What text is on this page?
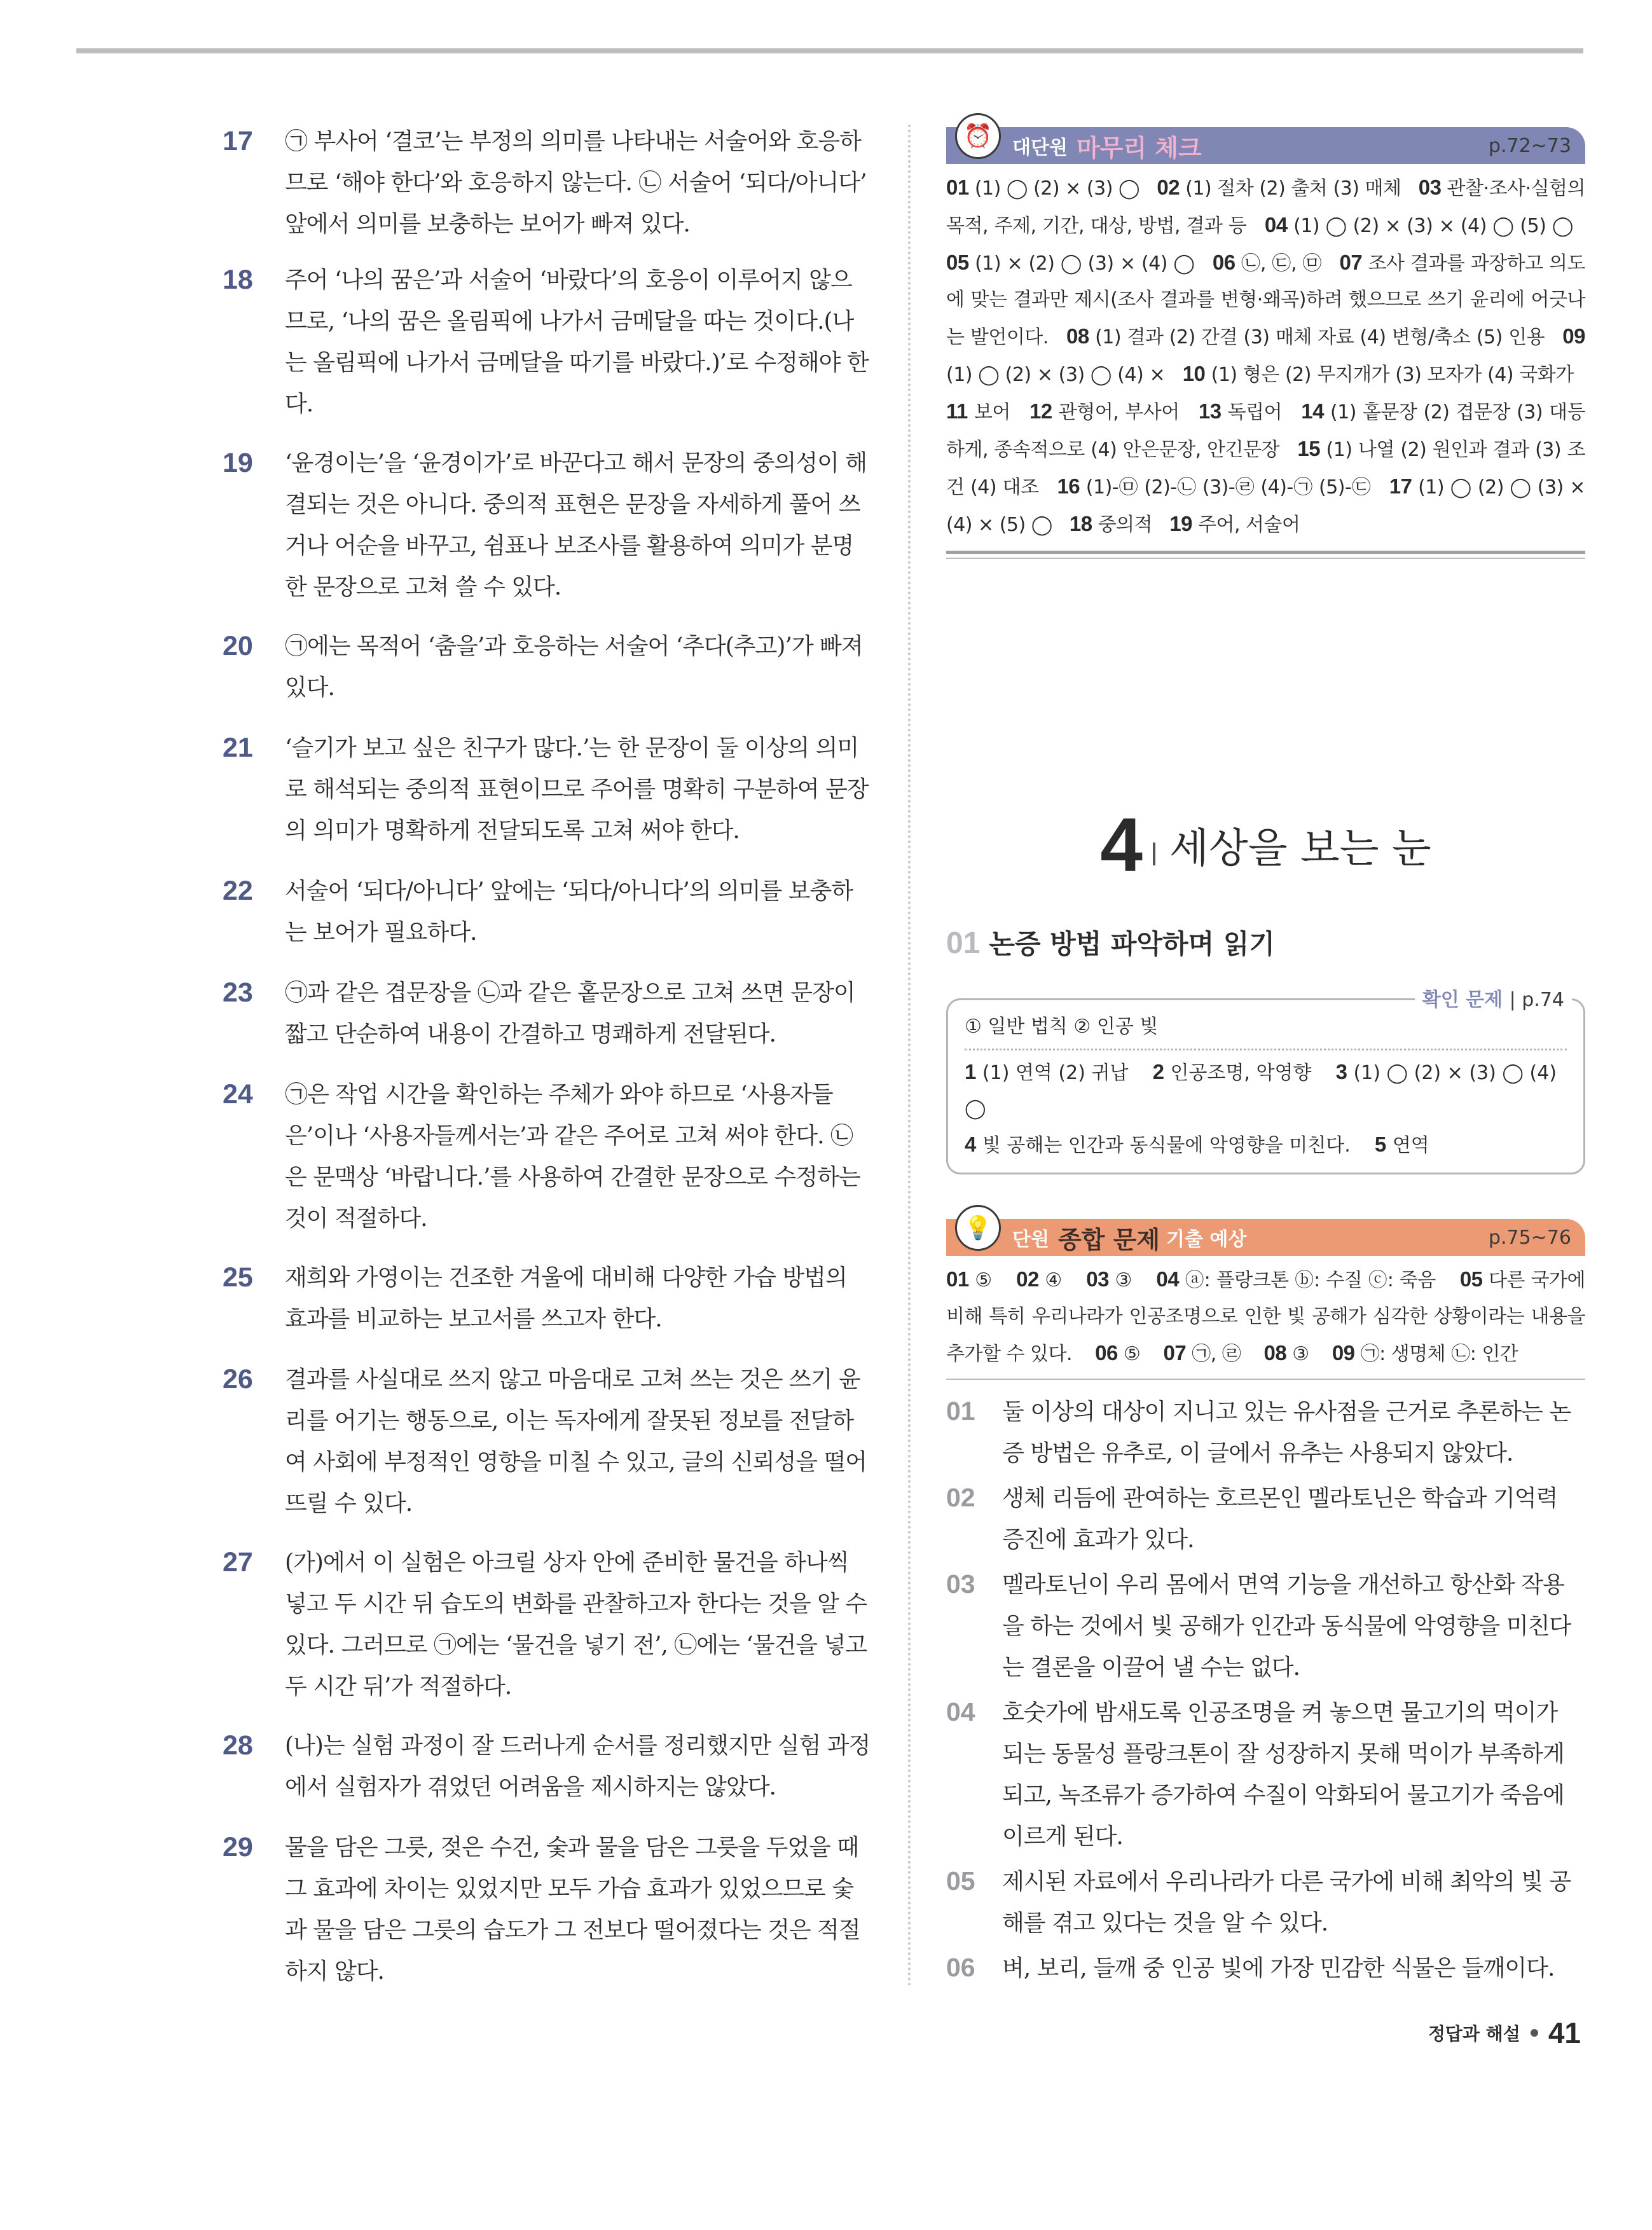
17 ㉠ 부사어 ‘결코’는 부정의 의미를 나타내는 서술어와 호응하므로 ‘해야 한다’와 호응하지 않는다. ㉡ 서술어 ‘되다/아니다’ 앞에서 의미를 보충하는 보어가 빠져 있다.
18 주어 ‘나의 꿈은’과 서술어 ‘바랐다’의 호응이 이루어지 않으므로, ‘나의 꿈은 올림픽에 나가서 금메달을 따는 것이다.(나는 올림픽에 나가서 금메달을 따기를 바랐다.)’로 수정해야 한다.
19 ‘윤경이는’을 ‘윤경이가’로 바꾼다고 해서 문장의 중의성이 해결되는 것은 아니다. 중의적 표현은 문장을 자세하게 풀어 쓰거나 어순을 바꾸고, 쉼표나 보조사를 활용하여 의미가 분명한 문장으로 고쳐 쓸 수 있다.
20 ㉠에는 목적어 ‘춤을’과 호응하는 서술어 ‘추다(추고)’가 빠져 있다.
21 ‘슬기가 보고 싶은 친구가 많다.’는 한 문장이 둘 이상의 의미로 해석되는 중의적 표현이므로 주어를 명확히 구분하여 문장의 의미가 명확하게 전달되도록 고쳐 써야 한다.
22 서술어 ‘되다/아니다’ 앞에는 ‘되다/아니다’의 의미를 보충하는 보어가 필요하다.
23 ㉠과 같은 겹문장을 ㉡과 같은 홑문장으로 고쳐 쓰면 문장이 짧고 단순하여 내용이 간결하고 명쾌하게 전달된다.
24 ㉠은 작업 시간을 확인하는 주체가 와야 하므로 ‘사용자들은’이나 ‘사용자들께서는’과 같은 주어로 고쳐 써야 한다. ㉡은 문맥상 ‘바랍니다.’를 사용하여 간결한 문장으로 수정하는 것이 적절하다.
25 재희와 가영이는 건조한 겨울에 대비해 다양한 가습 방법의 효과를 비교하는 보고서를 쓰고자 한다.
26 결과를 사실대로 쓰지 않고 마음대로 고쳐 쓰는 것은 쓰기 윤리를 어기는 행동으로, 이는 독자에게 잘못된 정보를 전달하여 사회에 부정적인 영향을 미칠 수 있고, 글의 신뢰성을 떨어뜨릴 수 있다.
27 (가)에서 이 실험은 아크릴 상자 안에 준비한 물건을 하나씩 넣고 두 시간 뒤 습도의 변화를 관찰하고자 한다는 것을 알 수 있다. 그러므로 ㉠에는 ‘물건을 넣기 전’, ㉡에는 ‘물건을 넣고 두 시간 뒤’가 적절하다.
28 (나)는 실험 과정이 잘 드러나게 순서를 정리했지만 실험 과정에서 실험자가 겪었던 어려움을 제시하지는 않았다.
29 물을 담은 그릇, 젖은 수건, 숯과 물을 담은 그릇을 두었을 때 그 효과에 차이는 있었지만 모두 가습 효과가 있었으므로 숯과 물을 담은 그릇의 습도가 그 전보다 떨어졌다는 것은 적절하지 않다.
⏰	대단원 마무리 체크	p.72~73
01 (1) ◯ (2) × (3) ◯ 02 (1) 절차 (2) 출처 (3) 매체 03 관찰·조사·실험의 목적, 주제, 기간, 대상, 방법, 결과 등 04 (1) ◯ (2) × (3) × (4) ◯ (5) ◯   05 (1) × (2) ◯ (3) × (4) ◯ 06 ㉡, ㉢, ㉤ 07 조사 결과를 과장하고 의도에 맞는 결과만 제시(조사 결과를 변형·왜곡)하려 했으므로 쓰기 윤리에 어긋나는 발언이다. 08 (1) 결과 (2) 간결 (3) 매체 자료 (4) 변형/축소 (5) 인용 09 (1) ◯ (2) × (3) ◯ (4) × 10 (1) 형은 (2) 무지개가 (3) 모자가 (4) 국화가   11 보어 12 관형어, 부사어 13 독립어 14 (1) 홑문장 (2) 겹문장 (3) 대등하게, 종속적으로 (4) 안은문장, 안긴문장 15 (1) 나열 (2) 원인과 결과 (3) 조건 (4) 대조 16 (1)-㉤ (2)-㉡ (3)-㉣ (4)-㉠ (5)-㉢ 17 (1) ◯ (2) ◯ (3) × (4) × (5) ◯ 18 중의적 19 주어, 서술어
4 세상을 보는 눈
01 논증 방법 파악하며 읽기
확인 문제 | p.74
① 일반 법칙 ② 인공 빛
1 (1) 연역 (2) 귀납 2 인공조명, 악영향 3 (1) ◯ (2) × (3) ◯ (4) ◯
4 빛 공해는 인간과 동식물에 악영향을 미친다. 5 연역
💡	단원 종합 문제 기출 예상	p.75~76
01 ⑤ 02 ④ 03 ③ 04 ⓐ: 플랑크톤 ⓑ: 수질 ⓒ: 죽음 05 다른 국가에 비해 특히 우리나라가 인공조명으로 인한 빛 공해가 심각한 상황이라는 내용을 추가할 수 있다. 06 ⑤ 07 ㉠, ㉣ 08 ③ 09 ㉠: 생명체 ㉡: 인간
01 둘 이상의 대상이 지니고 있는 유사점을 근거로 추론하는 논증 방법은 유추로, 이 글에서 유추는 사용되지 않았다.
02 생체 리듬에 관여하는 호르몬인 멜라토닌은 학습과 기억력 증진에 효과가 있다.
03 멜라토닌이 우리 몸에서 면역 기능을 개선하고 항산화 작용을 하는 것에서 빛 공해가 인간과 동식물에 악영향을 미친다는 결론을 이끌어 낼 수는 없다.
04 호숫가에 밤새도록 인공조명을 켜 놓으면 물고기의 먹이가 되는 동물성 플랑크톤이 잘 성장하지 못해 먹이가 부족하게 되고, 녹조류가 증가하여 수질이 악화되어 물고기가 죽음에 이르게 된다.
05 제시된 자료에서 우리나라가 다른 국가에 비해 최악의 빛 공해를 겪고 있다는 것을 알 수 있다.
06 벼, 보리, 들깨 중 인공 빛에 가장 민감한 식물은 들깨이다.
정답과 해설 41
